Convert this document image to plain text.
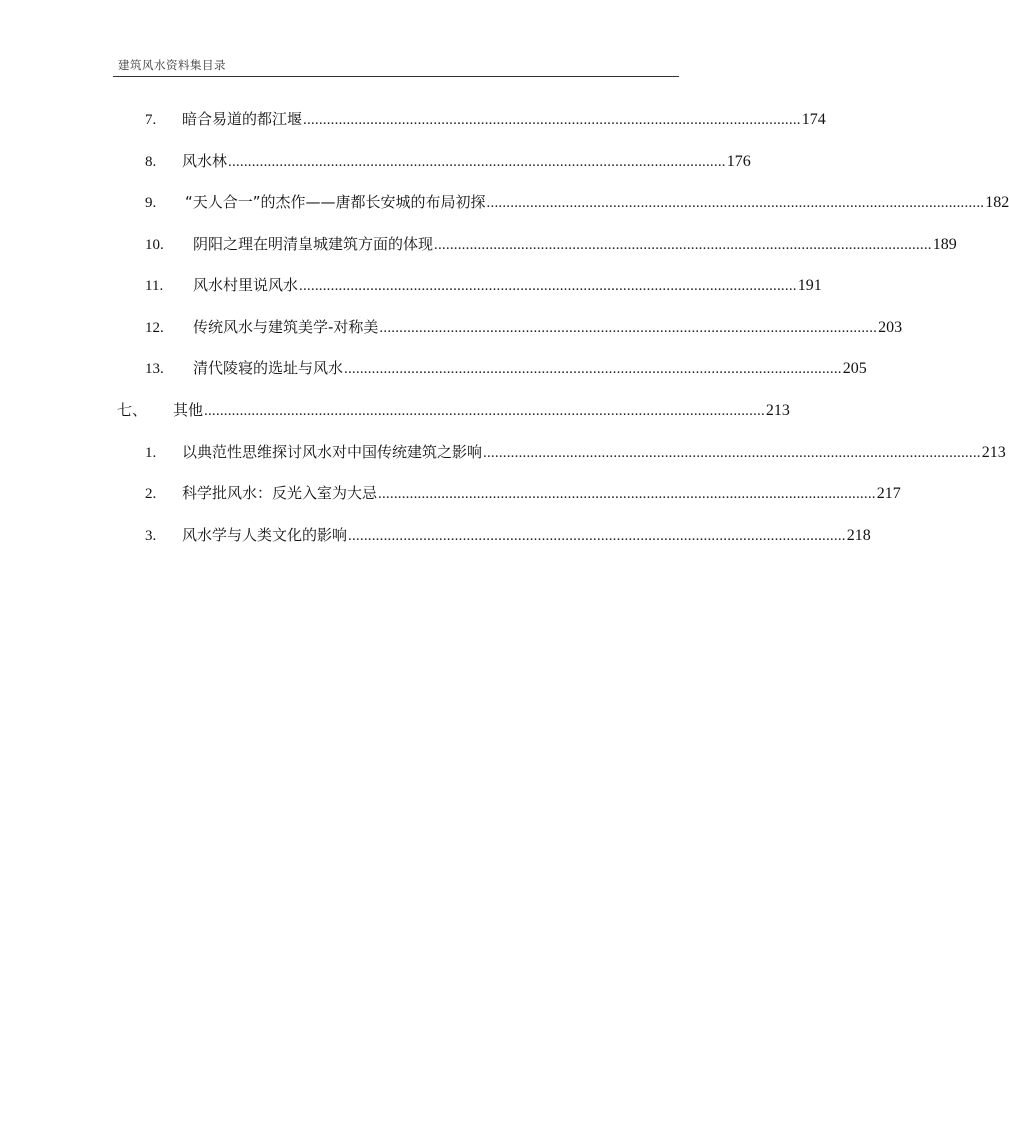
建筑风水资料集目录
7.	暗合易道的都江堰 .............................................................................................................................. 174
8.	风水林 .............................................................................................................................. 176
9.	“天人合一”的杰作——唐都长安城的布局初探 .............................................................................................................................. 182
10.	阴阳之理在明清皇城建筑方面的体现 .............................................................................................................................. 189
11.	风水村里说风水 .............................................................................................................................. 191
12.	传统风水与建筑美学-对称美 .............................................................................................................................. 203
13.	清代陵寝的选址与风水 .............................................................................................................................. 205
七、	其他 .............................................................................................................................................. 213
1.	以典范性思维探讨风水对中国传统建筑之影响 .............................................................................................................................. 213
2.	科学批风水：反光入室为大忌 .............................................................................................................................. 217
3.	风水学与人类文化的影响 .............................................................................................................................. 218
